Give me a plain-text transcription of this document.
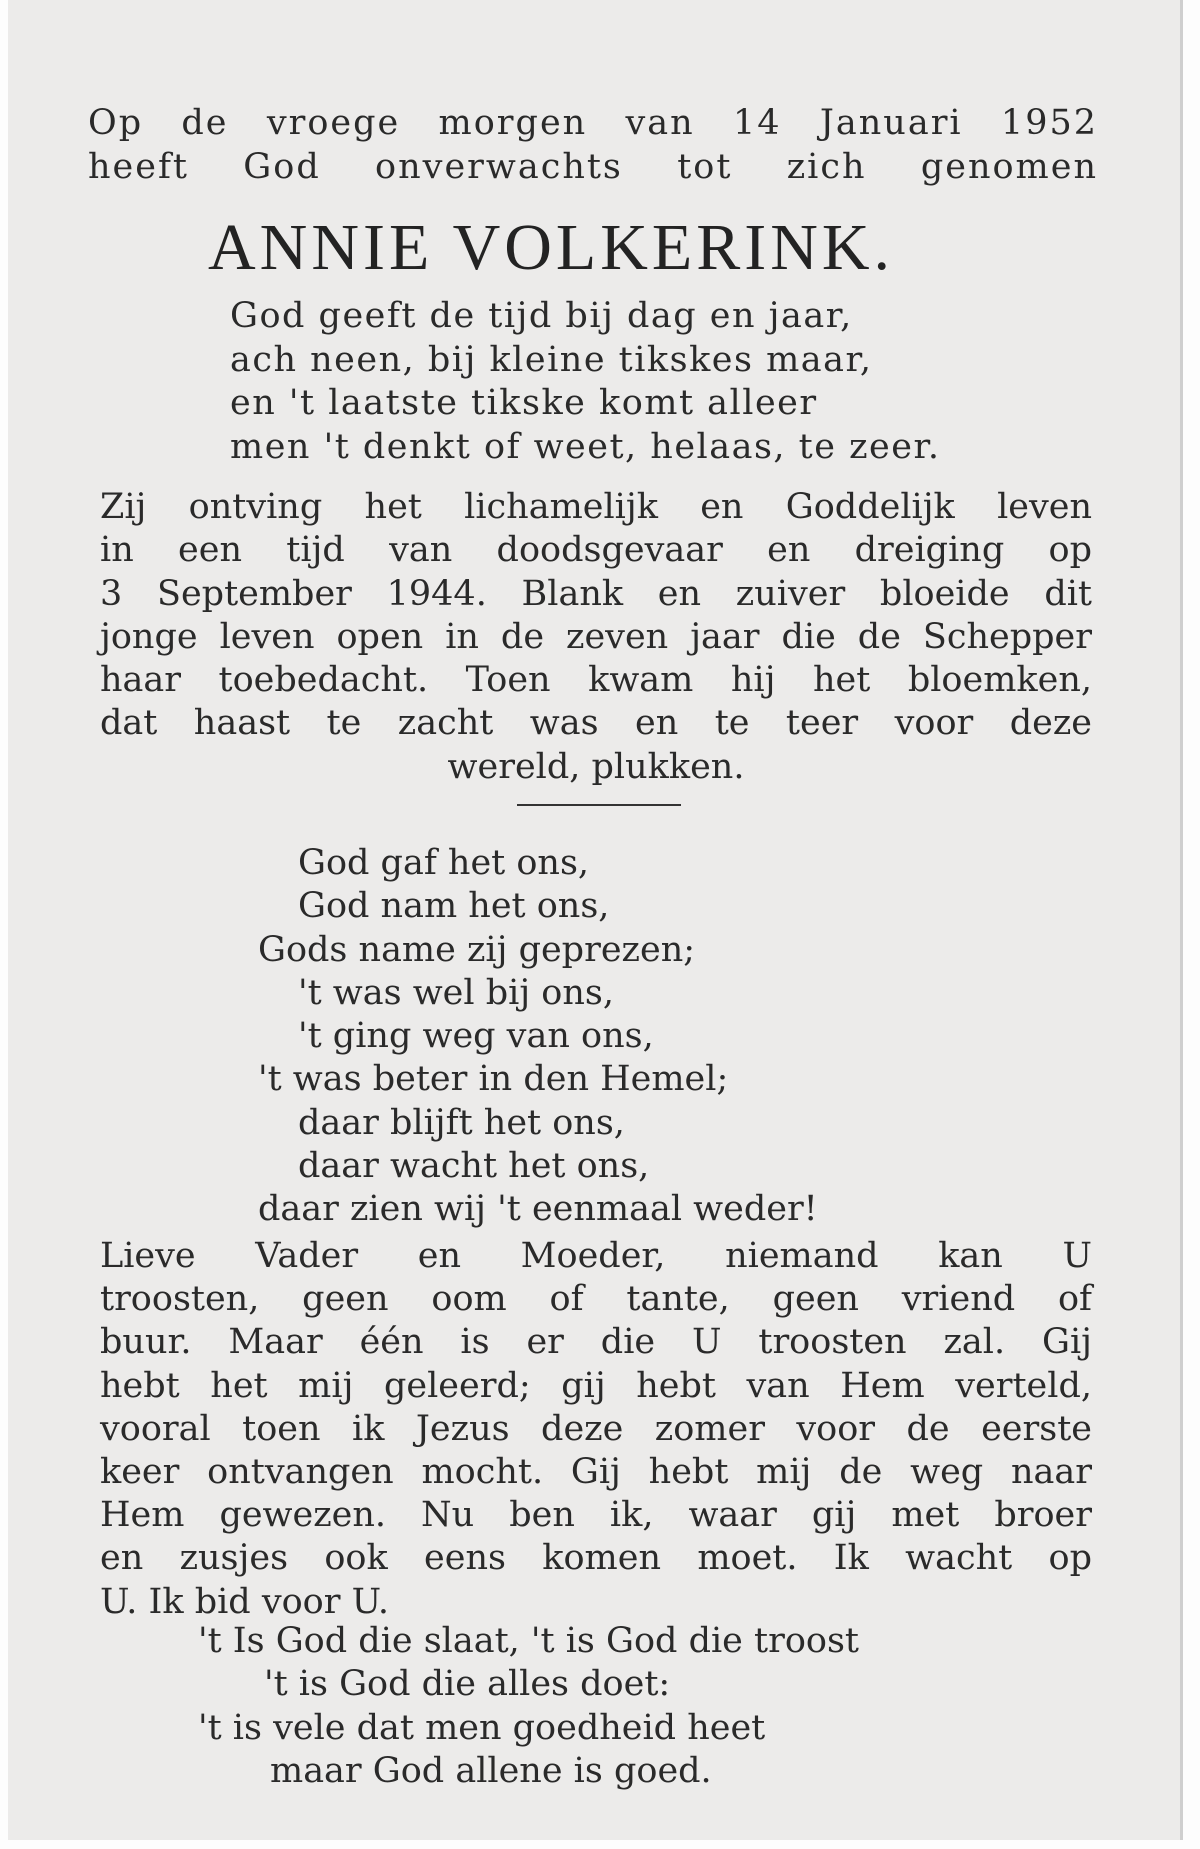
Op de vroege morgen van 14 Januari 1952
heeft God onverwachts tot zich genomen

ANNIE VOLKERINK.

God geeft de tijd bij dag en jaar,
ach neen, bij kleine tikskes maar,
en 't laatste tikske komt alleer
men 't denkt of weet, helaas, te zeer.

Zij ontving het lichamelijk en Goddelijk leven
in een tijd van doodsgevaar en dreiging op
3 September 1944. Blank en zuiver bloeide dit
jonge leven open in de zeven jaar die de Schepper
haar toebedacht. Toen kwam hij het bloemken,
dat haast te zacht was en te teer voor deze
wereld, plukken.

God gaf het ons,
God nam het ons,
Gods name zij geprezen;
't was wel bij ons,
't ging weg van ons,
't was beter in den Hemel;
daar blijft het ons,
daar wacht het ons,
daar zien wij 't eenmaal weder!

Lieve Vader en Moeder, niemand kan U
troosten, geen oom of tante, geen vriend of
buur. Maar één is er die U troosten zal. Gij
hebt het mij geleerd; gij hebt van Hem verteld,
vooral toen ik Jezus deze zomer voor de eerste
keer ontvangen mocht. Gij hebt mij de weg naar
Hem gewezen. Nu ben ik, waar gij met broer
en zusjes ook eens komen moet. Ik wacht op
U. Ik bid voor U.

't Is God die slaat, 't is God die troost
't is God die alles doet:
't is vele dat men goedheid heet
maar God allene is goed.
